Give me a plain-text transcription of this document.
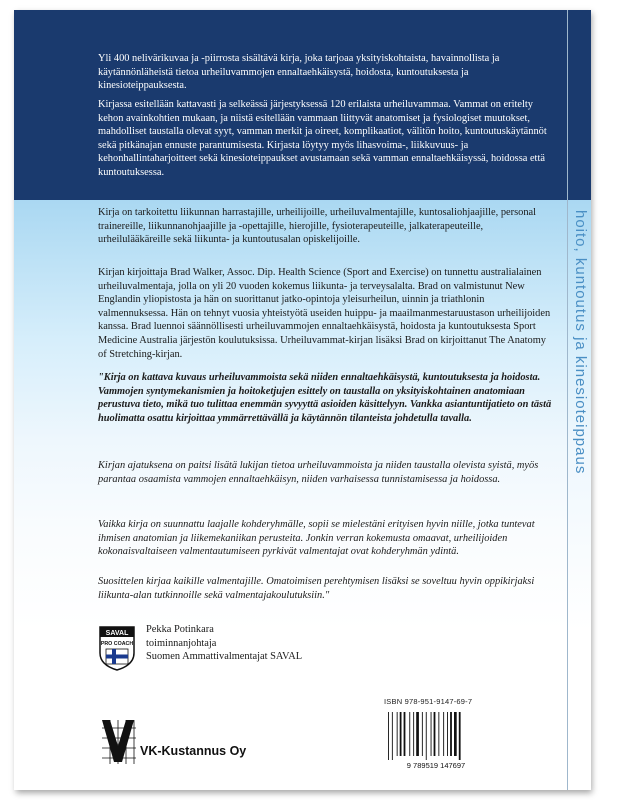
Yli 400 nelivärikuvaa ja -piirrosta sisältävä kirja, joka tarjoaa yksityiskohtaista, havainnollista ja käytännönläheistä tietoa urheiluvammojen ennaltaehkäisystä, hoidosta, kuntoutuksesta ja kinesioteippauksesta.

Kirjassa esitellään kattavasti ja selkeässä järjestyksessä 120 erilaista urheiluvammaa. Vammat on eritelty kehon avainkohtien mukaan, ja niistä esitellään vammaan liittyvät anatomiset ja fysiologiset muutokset, mahdolliset taustalla olevat syyt, vamman merkit ja oireet, komplikaatiot, välitön hoito, kuntoutuskäytännöt sekä pitkänajan ennuste parantumisesta. Kirjasta löytyy myös lihasvoima-, liikkuvuus- ja kehonhallintaharjoitteet sekä kinesioteippaukset avustamaan sekä vamman ennaltaehkäisyssä, hoidossa että kuntoutuksessa.

Kirja on tarkoitettu liikunnan harrastajille, urheilijoille, urheiluvalmentajille, kuntosaliohjaajille, personal trainereille, liikunnanohjaajille ja -opettajille, hierojille, fysioterapeuteille, jalkaterapeuteille, urheilulääkäreille sekä liikunta- ja kuntoutusalan opiskelijoille.

Kirjan kirjoittaja Brad Walker, Assoc. Dip. Health Science (Sport and Exercise) on tunnettu australialainen urheiluvalmentaja, jolla on yli 20 vuoden kokemus liikunta- ja terveysalalta. Brad on valmistunut New Englandin yliopistosta ja hän on suorittanut jatko-opintoja yleisurheilun, uinnin ja triathlonin valmennuksessa. Hän on tehnyt vuosia yhteistyötä useiden huippu- ja maailmanmestaruustason urheilijoiden kanssa. Brad luennoi säännöllisesti urheiluvammojen ennaltaehkäisystä, hoidosta ja kuntoutuksesta Sport Medicine Australia järjestön koulutuksissa. Urheiluvammat-kirjan lisäksi Brad on kirjoittanut The Anatomy of Stretching-kirjan.

"Kirja on kattava kuvaus urheiluvammoista sekä niiden ennaltaehkäisystä, kuntoutuksesta ja hoidosta. Vammojen syntymekanismien ja hoitoketjujen esittely on taustalla on yksityiskohtainen anatomiaan perustuva tieto, mikä tuo tulittaa enemmän syvyyttä asioiden käsittelyyn. Vankka asiantuntijatieto on tästä huolimatta osattu kirjoittaa ymmärrettävällä ja käytännön tilanteista johdetulla tavalla.

Kirjan ajatuksena on paitsi lisätä lukijan tietoa urheiluvammoista ja niiden taustalla olevista syistä, myös parantaa osaamista vammojen ennaltaehkäisyn, niiden varhaisessa tunnistamisessa ja hoidossa.

Vaikka kirja on suunnattu laajalle kohderyhmälle, sopii se mielestäni erityisen hyvin niille, jotka tuntevat ihmisen anatomian ja liikemekaniikan perusteita. Jonkin verran kokemusta omaavat, urheilijoiden kokonaisvaltaiseen valmentautumiseen pyrkivät valmentajat ovat kohderyhmän ydintä.

Suosittelen kirjaa kaikille valmentajille. Omatoimisen perehtymisen lisäksi se soveltuu hyvin oppikirjaksi liikunta-alan tutkinnoille sekä valmentajakoulutuksiin."

SAVAL
PRO COACH
Pekka Potinkara
toiminnanjohtaja
Suomen Ammattivalmentajat SAVAL
VK-Kustannus Oy
ISBN 978-951-9147-69-7
9 789519 147697
hoito, kuntoutus ja kinesioteippaus
